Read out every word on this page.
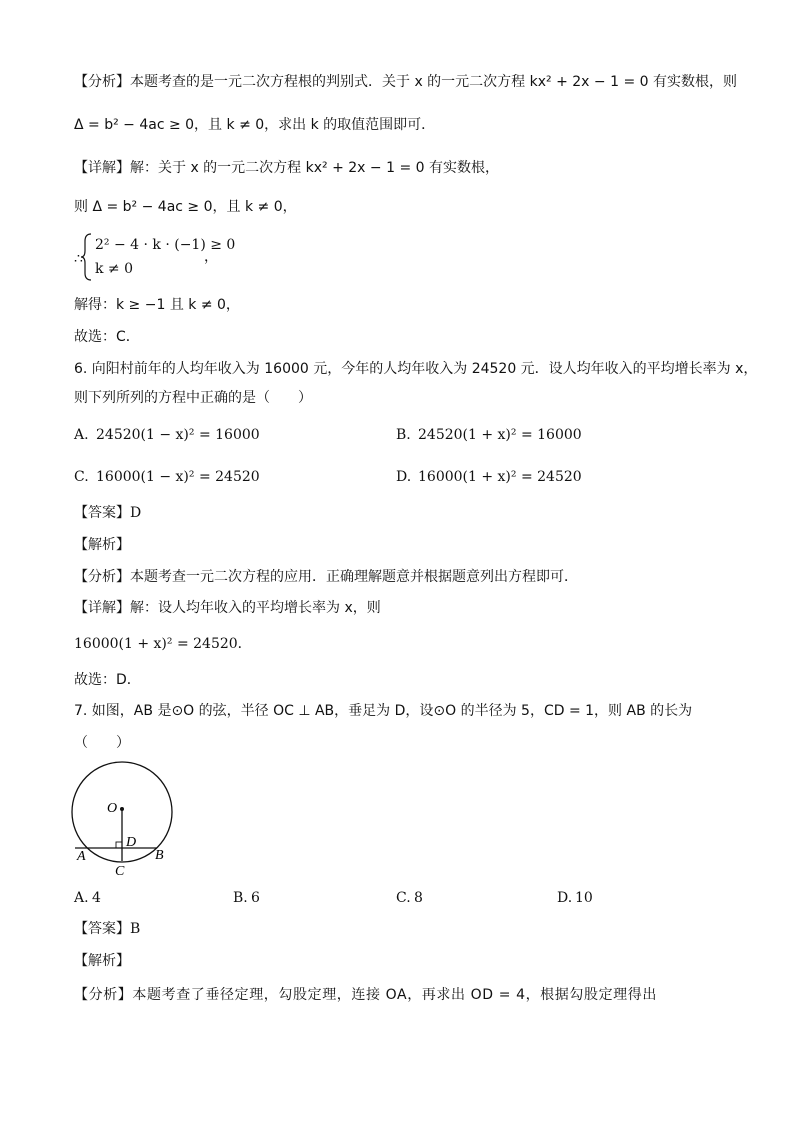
【分析】本题考查的是一元二次方程根的判别式．关于 x 的一元二次方程 kx² + 2x − 1 = 0 有实数根，则
Δ = b² − 4ac ≥ 0，且 k ≠ 0，求出 k 的取值范围即可．
【详解】解：关于 x 的一元二次方程 kx² + 2x − 1 = 0 有实数根，
则 Δ = b² − 4ac ≥ 0，且 k ≠ 0，
∴
2² − 4 · k · (−1) ≥ 0
k ≠ 0
，
解得：k ≥ −1 且 k ≠ 0，
故选：C．
6. 向阳村前年的人均年收入为 16000 元，今年的人均年收入为 24520 元．设人均年收入的平均增长率为 x，
则下列所列的方程中正确的是（　　）
A. 24520(1 − x)² = 16000	B. 24520(1 + x)² = 16000
C. 16000(1 − x)² = 24520	D. 16000(1 + x)² = 24520
【答案】D
【解析】
【分析】本题考查一元二次方程的应用．正确理解题意并根据题意列出方程即可．
【详解】解：设人均年收入的平均增长率为 x，则
16000(1 + x)² = 24520．
故选：D．
7. 如图，AB 是⊙O 的弦，半径 OC ⊥ AB，垂足为 D，设⊙O 的半径为 5，CD = 1，则 AB 的长为
（　　）
O
D
A	B
C
A. 4	B. 6	C. 8	D. 10
【答案】B
【解析】
【分析】本题考查了垂径定理，勾股定理，连接 OA，再求出 OD = 4，根据勾股定理得出
